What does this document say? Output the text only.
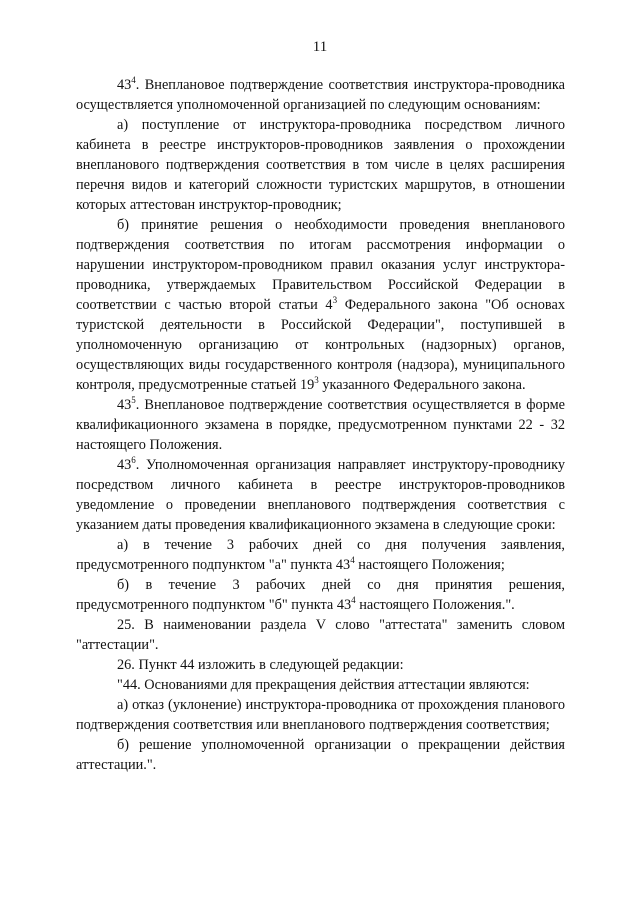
11

$43^4$. Внеплановое подтверждение соответствия инструктора-проводника осуществляется уполномоченной организацией по следующим основаниям:

а) поступление от инструктора-проводника посредством личного кабинета в реестре инструкторов-проводников заявления о прохождении внепланового подтверждения соответствия в том числе в целях расширения перечня видов и категорий сложности туристских маршрутов, в отношении которых аттестован инструктор-проводник;

б) принятие решения о необходимости проведения внепланового подтверждения соответствия по итогам рассмотрения информации о нарушении инструктором-проводником правил оказания услуг инструктора-проводника, утверждаемых Правительством Российской Федерации в соответствии с частью второй статьи $4^3$ Федерального закона "Об основах туристской деятельности в Российской Федерации", поступившей в уполномоченную организацию от контрольных (надзорных) органов, осуществляющих виды государственного контроля (надзора), муниципального контроля, предусмотренные статьей $19^3$ указанного Федерального закона.

$43^5$. Внеплановое подтверждение соответствия осуществляется в форме квалификационного экзамена в порядке, предусмотренном пунктами 22 - 32 настоящего Положения.

$43^6$. Уполномоченная организация направляет инструктору-проводнику посредством личного кабинета в реестре инструкторов-проводников уведомление о проведении внепланового подтверждения соответствия с указанием даты проведения квалификационного экзамена в следующие сроки:

а) в течение 3 рабочих дней со дня получения заявления, предусмотренного подпунктом "а" пункта $43^4$ настоящего Положения;

б) в течение 3 рабочих дней со дня принятия решения, предусмотренного подпунктом "б" пункта $43^4$ настоящего Положения.".

25. В наименовании раздела V слово "аттестата" заменить словом "аттестации".

26. Пункт 44 изложить в следующей редакции:

"44. Основаниями для прекращения действия аттестации являются:

а) отказ (уклонение) инструктора-проводника от прохождения планового подтверждения соответствия или внепланового подтверждения соответствия;

б) решение уполномоченной организации о прекращении действия аттестации.".
